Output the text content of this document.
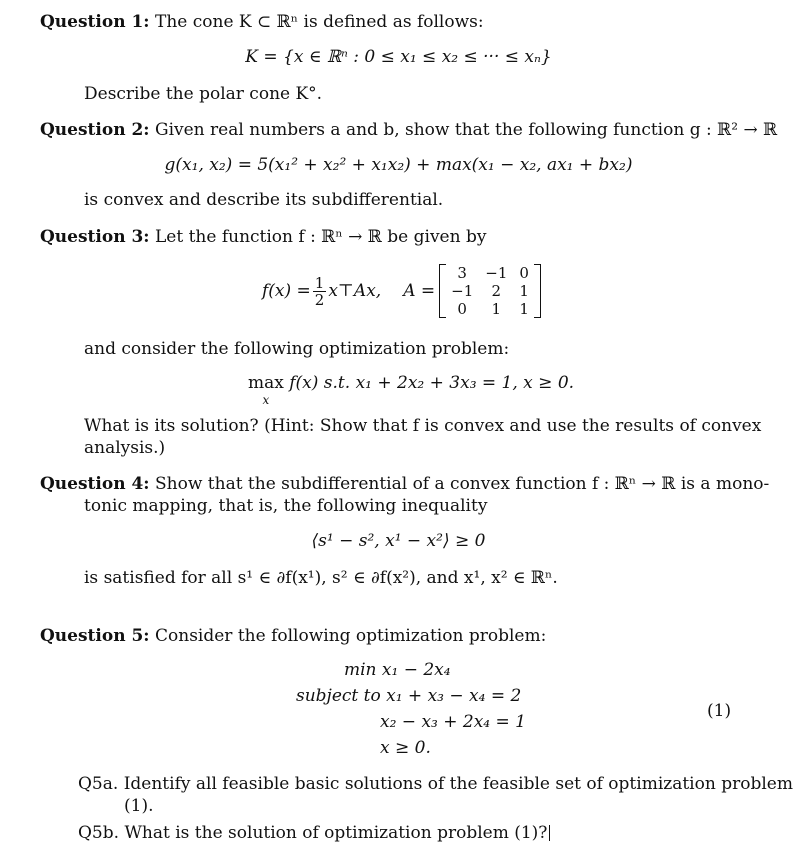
Question 1: The cone K ⊂ ℝⁿ is defined as follows:
K = {x ∈ ℝⁿ : 0 ≤ x₁ ≤ x₂ ≤ ··· ≤ xₙ}
Describe the polar cone K°.
Question 2: Given real numbers a and b, show that the following function g : ℝ² → ℝ
g(x₁, x₂) = 5(x₁² + x₂² + x₁x₂) + max(x₁ − x₂, ax₁ + bx₂)
is convex and describe its subdifferential.
Question 3: Let the function f : ℝⁿ → ℝ be given by
$f(x) = \frac{1}{2}$ x⊤Ax, A =
3	−1	0
−1	2	1
0	1	1
and consider the following optimization problem:
max
x
f(x) s.t. x₁ + 2x₂ + 3x₃ = 1, x ≥ 0.
What is its solution? (Hint: Show that f is convex and use the results of convex
analysis.)
Question 4: Show that the subdifferential of a convex function f : ℝⁿ → ℝ is a mono-
tonic mapping, that is, the following inequality
⟨s¹ − s², x¹ − x²⟩ ≥ 0
is satisfied for all s¹ ∈ ∂f(x¹), s² ∈ ∂f(x²), and x¹, x² ∈ ℝⁿ.
Question 5: Consider the following optimization problem:
min x₁ − 2x₄
subject to x₁ + x₃ − x₄ = 2
x₂ − x₃ + 2x₄ = 1
x ≥ 0.
(1)
Q5a. Identify all feasible basic solutions of the feasible set of optimization problem
(1).
Q5b. What is the solution of optimization problem (1)?
